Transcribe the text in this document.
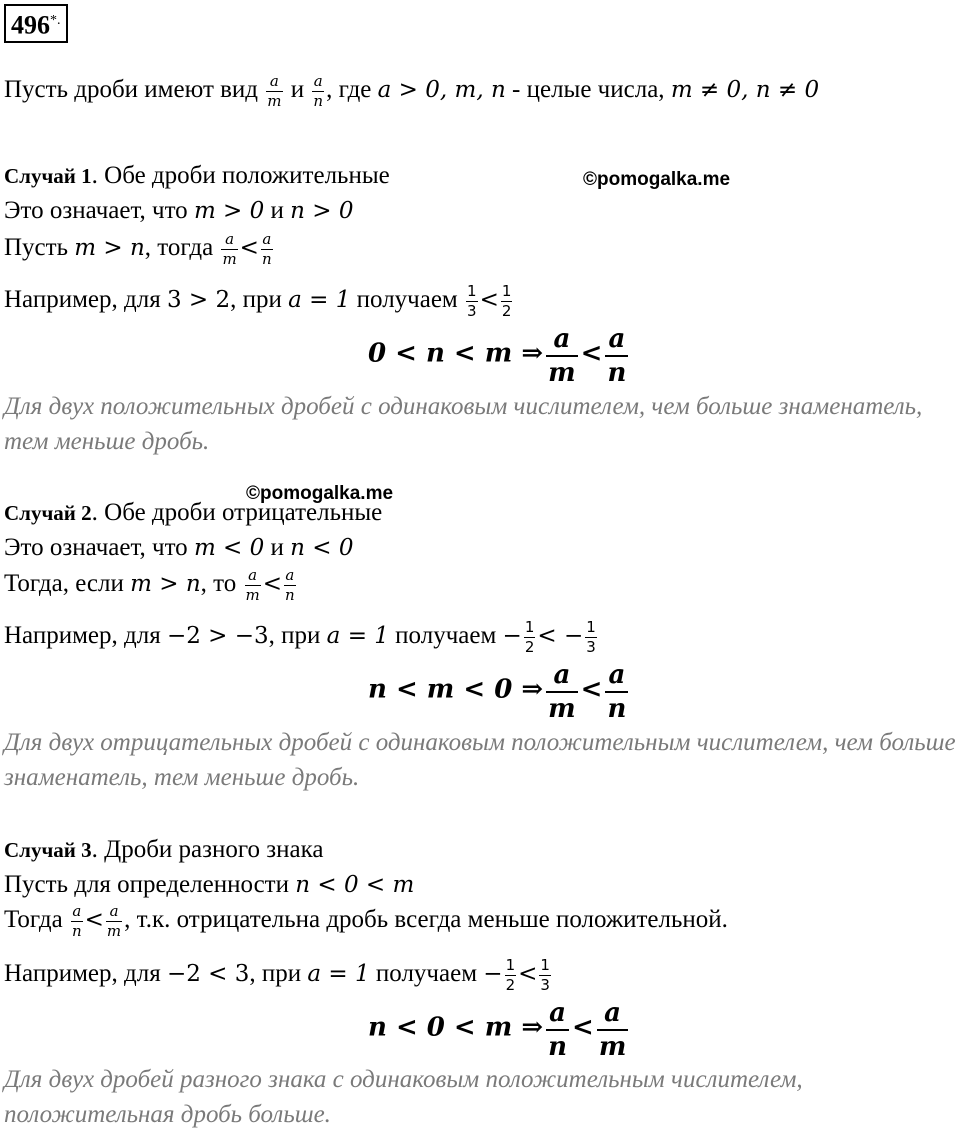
496*.
Пусть дроби имеют вид $\frac{a}{m}$ и $\frac{a}{n}$ , где a > 0, m, n - целые числа, m ≠ 0, n ≠ 0
Случай 1. Обе дроби положительные	©pomogalka.me
Это означает, что m > 0 и n > 0
Пусть m > n, тогда $\frac{a}{m} < \frac{a}{n}$
Например, для 3 > 2, при a = 1 получаем $\frac{1}{3} < \frac{1}{2}$
0 < n < m ⇒ $\frac{a}{m} < \frac{a}{n}$
Для двух положительных дробей с одинаковым числителем, чем больше знаменатель, тем меньше дробь.
©pomogalka.me
Случай 2. Обе дроби отрицательные
Это означает, что m < 0 и n < 0
Тогда, если m > n, то $\frac{a}{m} < \frac{a}{n}$
Например, для −2 > −3, при a = 1 получаем − $\frac{1}{2}$ < − $\frac{1}{3}$
n < m < 0 ⇒ $\frac{a}{m} < \frac{a}{n}$
Для двух отрицательных дробей с одинаковым положительным числителем, чем больше знаменатель, тем меньше дробь.
Случай 3. Дроби разного знака
Пусть для определенности n < 0 < m
Тогда $\frac{a}{n} < \frac{a}{m}$ , т.к. отрицательна дробь всегда меньше положительной.
Например, для −2 < 3, при a = 1 получаем − $\frac{1}{2} < \frac{1}{3}$
n < 0 < m ⇒ $\frac{a}{n} < \frac{a}{m}$
Для двух дробей разного знака с одинаковым положительным числителем, положительная дробь больше.
